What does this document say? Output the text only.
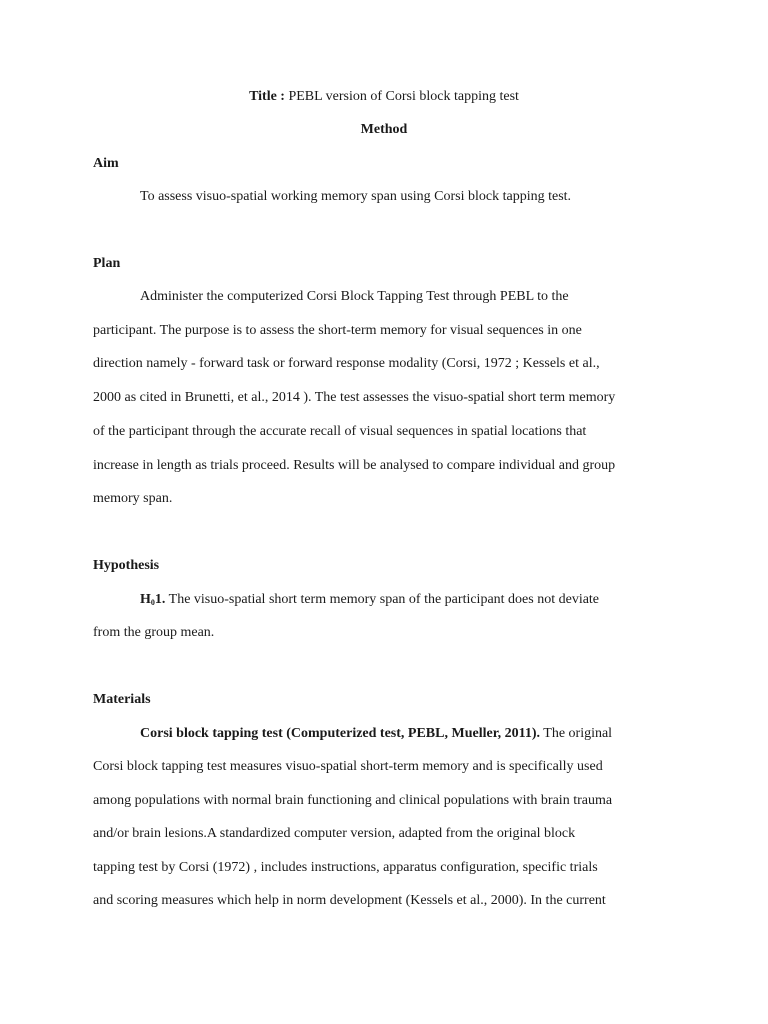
Title : PEBL version of Corsi block tapping test
Method
Aim
To assess visuo-spatial working memory span using Corsi block tapping test.
Plan
Administer the computerized Corsi Block Tapping Test through PEBL to the
participant. The purpose is to assess the short-term memory for visual sequences in one
direction namely - forward task or forward response modality (Corsi, 1972 ; Kessels et al.,
2000 as cited in Brunetti, et al., 2014 ). The test assesses the visuo-spatial short term memory
of the participant through the accurate recall of visual sequences in spatial locations that
increase in length as trials proceed. Results will be analysed to compare individual and group
memory span.
Hypothesis
$H_01$. The visuo-spatial short term memory span of the participant does not deviate
from the group mean.
Materials
Corsi block tapping test (Computerized test, PEBL, Mueller, 2011). The original
Corsi block tapping test measures visuo-spatial short-term memory and is specifically used
among populations with normal brain functioning and clinical populations with brain trauma
and/or brain lesions.A standardized computer version, adapted from the original block
tapping test by Corsi (1972) , includes instructions, apparatus configuration, specific trials
and scoring measures which help in norm development (Kessels et al., 2000). In the current
